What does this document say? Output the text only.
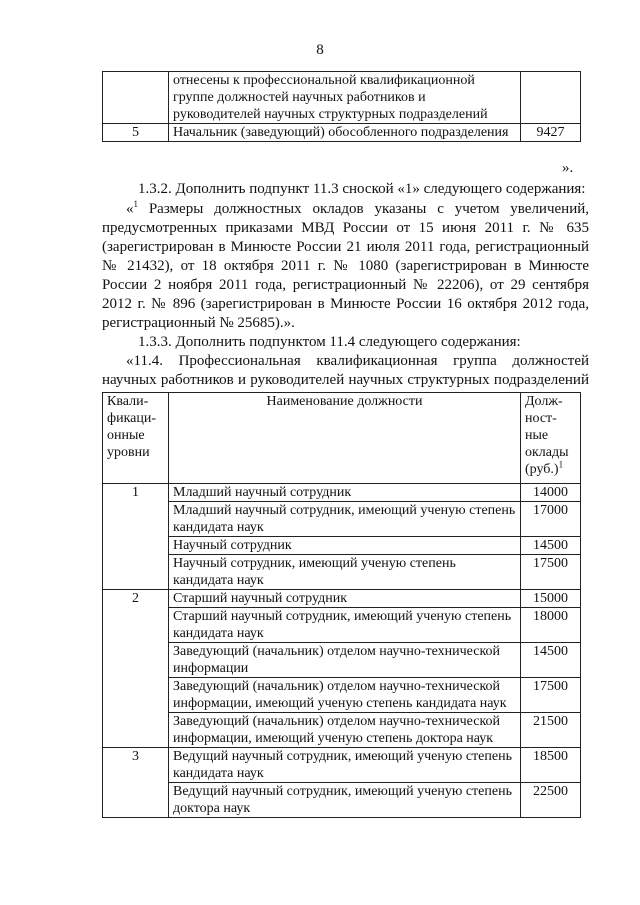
8
	отнесены к профессиональной квалификационной группе должностей научных работников и руководителей научных структурных подразделений	
5	Начальник (заведующий) обособленного подразделения	9427
».
1.3.2. Дополнить подпункт 11.3 сноской «1» следующего содержания:
«$^1$ Размеры должностных окладов указаны с учетом увеличений,
предусмотренных приказами МВД России от 15 июня 2011 г. № 635
(зарегистрирован в Минюсте России 21 июля 2011 года, регистрационный
№ 21432), от 18 октября 2011 г. № 1080 (зарегистрирован в Минюсте
России 2 ноября 2011 года, регистрационный № 22206), от 29 сентября
2012 г. № 896 (зарегистрирован в Минюсте России 16 октября 2012 года,
регистрационный № 25685).».
1.3.3. Дополнить подпунктом 11.4 следующего содержания:
«11.4. Профессиональная квалификационная группа должностей
научных работников и руководителей научных структурных подразделений
Квали-фикаци-онные уровни	Наименование должности	Долж-ност-ные оклады $(руб.)^1$
1	Младший научный сотрудник	14000
	Младший научный сотрудник, имеющий ученую степень кандидата наук	17000
	Научный сотрудник	14500
	Научный сотрудник, имеющий ученую степень кандидата наук	17500
2	Старший научный сотрудник	15000
	Старший научный сотрудник, имеющий ученую степень кандидата наук	18000
	Заведующий (начальник) отделом научно-технической информации	14500
	Заведующий (начальник) отделом научно-технической информации, имеющий ученую степень кандидата наук	17500
	Заведующий (начальник) отделом научно-технической информации, имеющий ученую степень доктора наук	21500
3	Ведущий научный сотрудник, имеющий ученую степень кандидата наук	18500
	Ведущий научный сотрудник, имеющий ученую степень доктора наук	22500
